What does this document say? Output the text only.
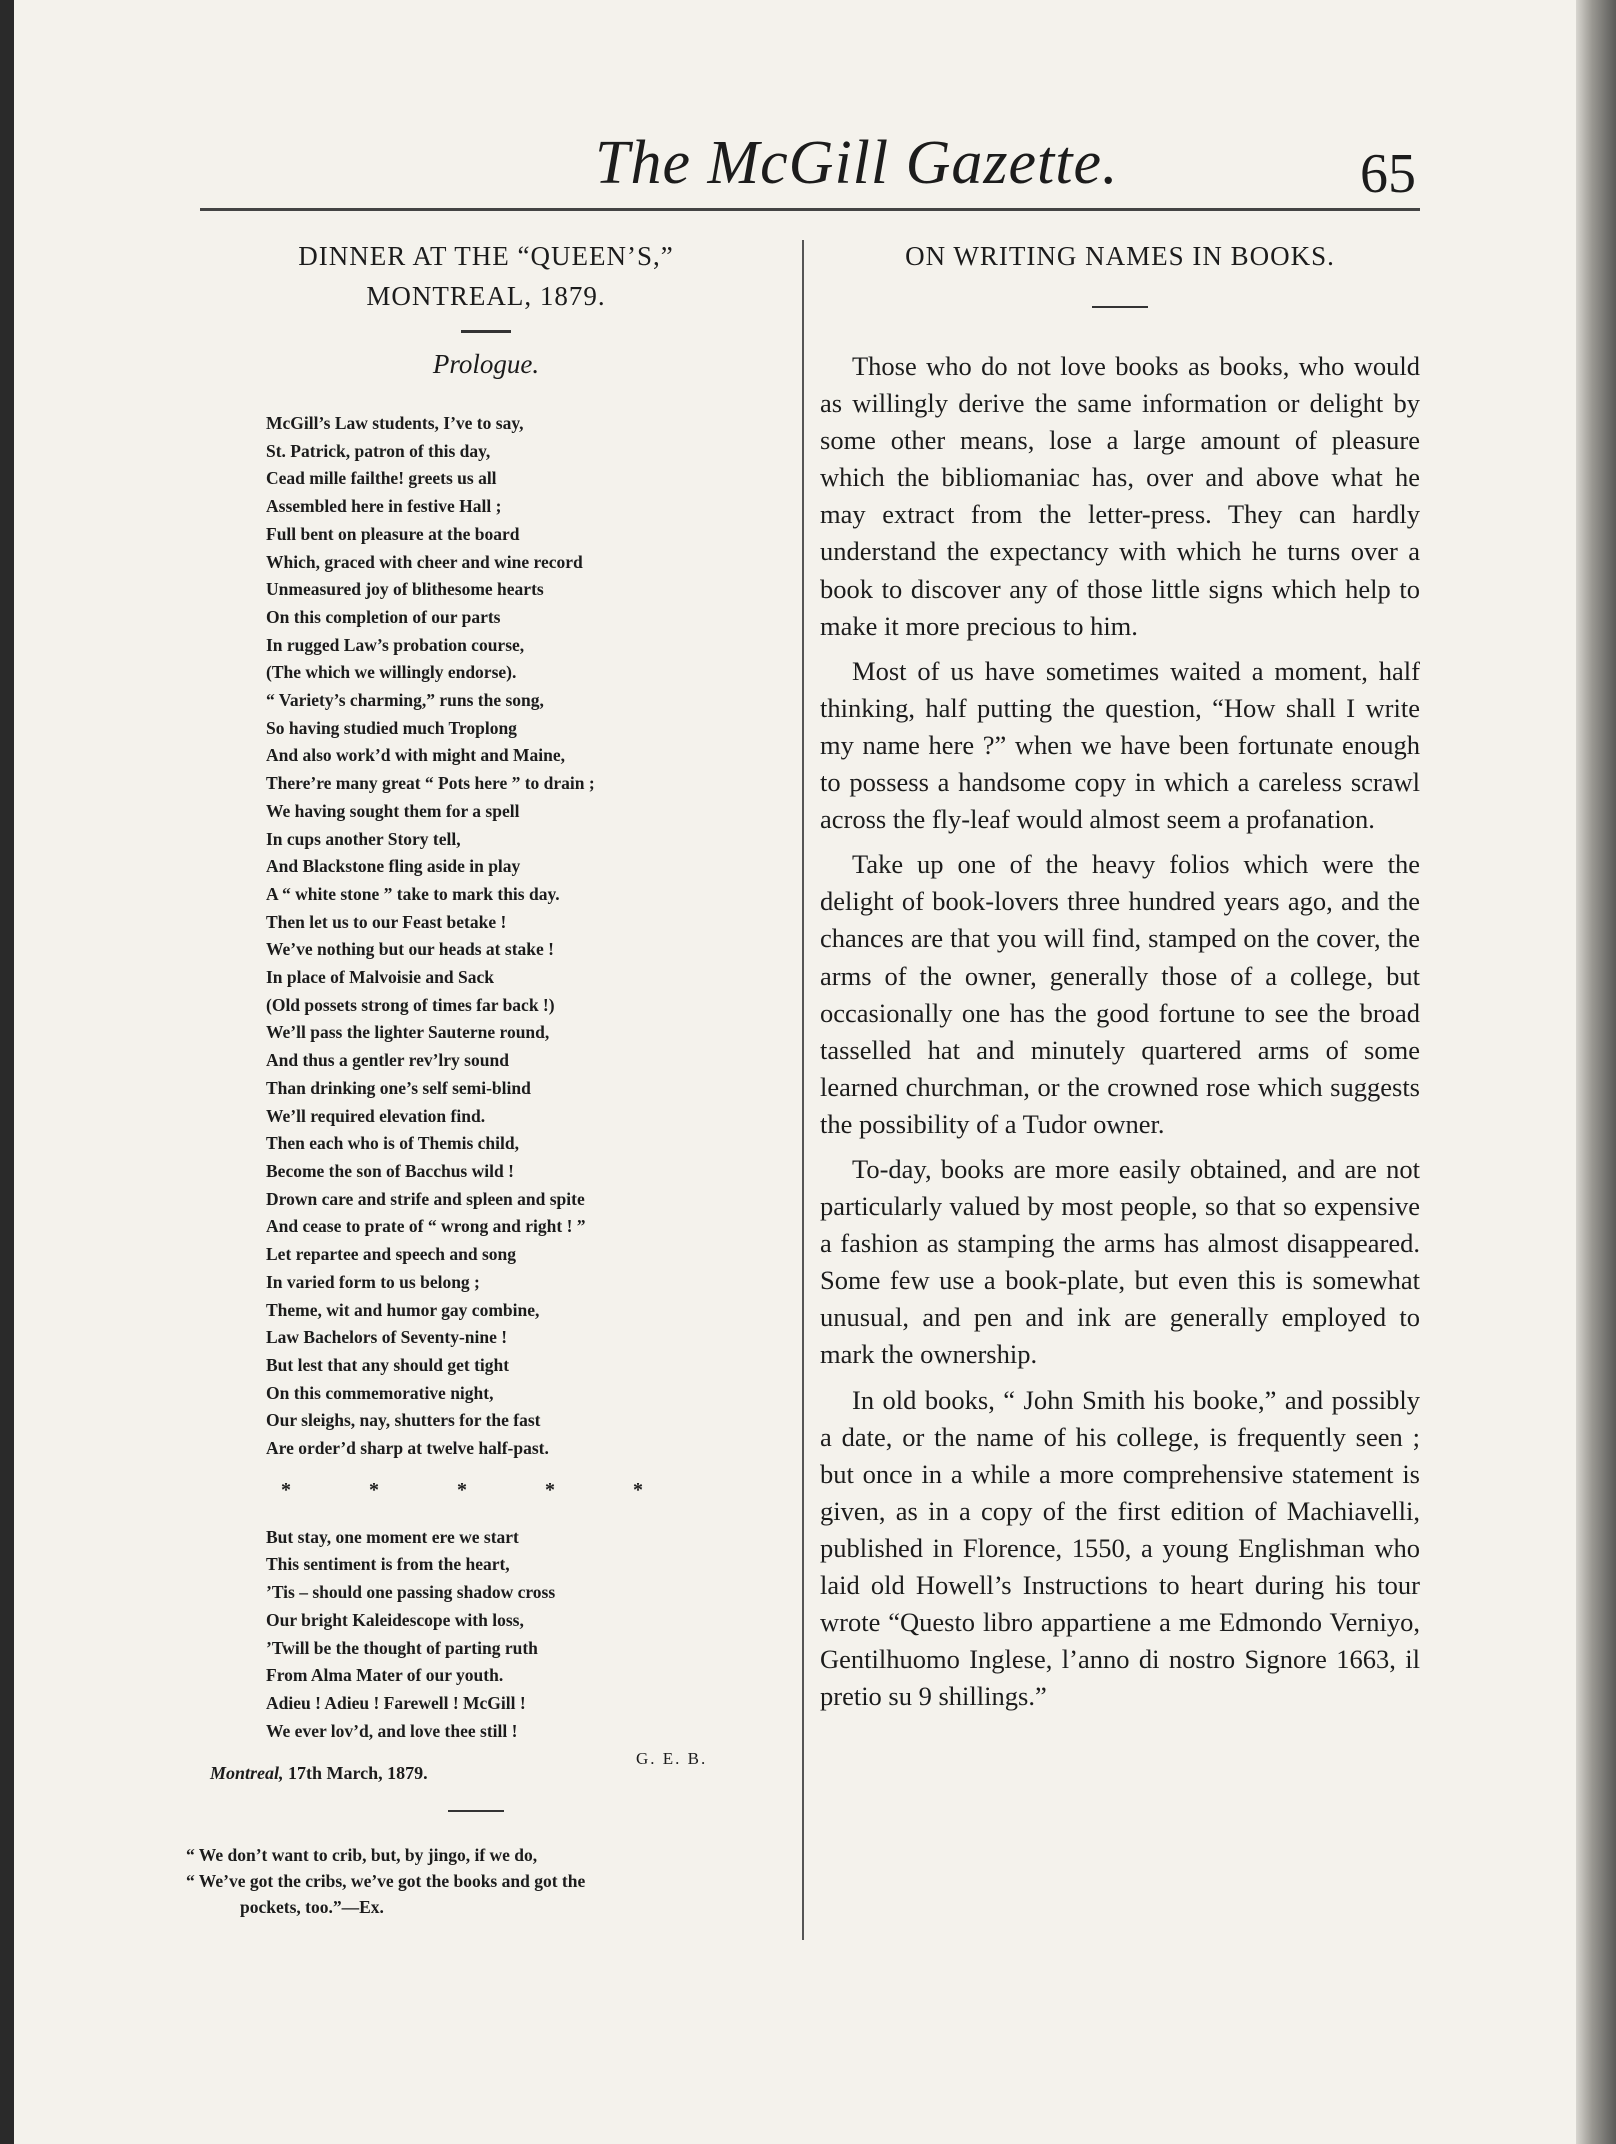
The McGill Gazette.	65
DINNER AT THE “QUEEN’S,”
MONTREAL, 1879.
Prologue.
McGill’s Law students, I’ve to say,
St. Patrick, patron of this day,
Cead mille failthe! greets us all
Assembled here in festive Hall ;
Full bent on pleasure at the board
Which, graced with cheer and wine record
Unmeasured joy of blithesome hearts
On this completion of our parts
In rugged Law’s probation course,
(The which we willingly endorse).
“ Variety’s charming,” runs the song,
So having studied much Troplong
And also work’d with might and Maine,
There’re many great “ Pots here ” to drain ;
We having sought them for a spell
In cups another Story tell,
And Blackstone fling aside in play
A “ white stone ” take to mark this day.
Then let us to our Feast betake !
We’ve nothing but our heads at stake !
In place of Malvoisie and Sack
(Old possets strong of times far back !)
We’ll pass the lighter Sauterne round,
And thus a gentler rev’lry sound
Than drinking one’s self semi-blind
We’ll required elevation find.
Then each who is of Themis child,
Become the son of Bacchus wild !
Drown care and strife and spleen and spite
And cease to prate of “ wrong and right ! ”
Let repartee and speech and song
In varied form to us belong ;
Theme, wit and humor gay combine,
Law Bachelors of Seventy-nine !
But lest that any should get tight
On this commemorative night,
Our sleighs, nay, shutters for the fast
Are order’d sharp at twelve half-past.
*	*	*	*	*
But stay, one moment ere we start
This sentiment is from the heart,
’Tis – should one passing shadow cross
Our bright Kaleidescope with loss,
’Twill be the thought of parting ruth
From Alma Mater of our youth.
Adieu ! Adieu ! Farewell ! McGill !
We ever lov’d, and love thee still !
G. E. B.
Montreal, 17th March, 1879.
“ We don’t want to crib, but, by jingo, if we do,
“ We’ve got the cribs, we’ve got the books and got the
pockets, too.”—Ex.
ON WRITING NAMES IN BOOKS.

Those who do not love books as books, who would as willingly derive the same information or delight by some other means, lose a large amount of pleasure which the bibliomaniac has, over and above what he may extract from the letter-press. They can hardly understand the expectancy with which he turns over a book to discover any of those little signs which help to make it more precious to him.

Most of us have sometimes waited a moment, half thinking, half putting the question, “How shall I write my name here ?” when we have been fortunate enough to possess a handsome copy in which a careless scrawl across the fly-leaf would almost seem a profanation.

Take up one of the heavy folios which were the delight of book-lovers three hundred years ago, and the chances are that you will find, stamped on the cover, the arms of the owner, generally those of a college, but occasionally one has the good fortune to see the broad tasselled hat and minutely quartered arms of some learned churchman, or the crowned rose which suggests the possibility of a Tudor owner.

To-day, books are more easily obtained, and are not particularly valued by most people, so that so expensive a fashion as stamping the arms has almost disappeared. Some few use a book-plate, but even this is somewhat unusual, and pen and ink are generally employed to mark the ownership.

In old books, “ John Smith his booke,” and possibly a date, or the name of his college, is frequently seen ; but once in a while a more comprehensive statement is given, as in a copy of the first edition of Machiavelli, published in Florence, 1550, a young Englishman who laid old Howell’s Instructions to heart during his tour wrote “Questo libro appartiene a me Edmondo Verniyo, Gentilhuomo Inglese, l’anno di nostro Signore 1663, il pretio su 9 shillings.”
